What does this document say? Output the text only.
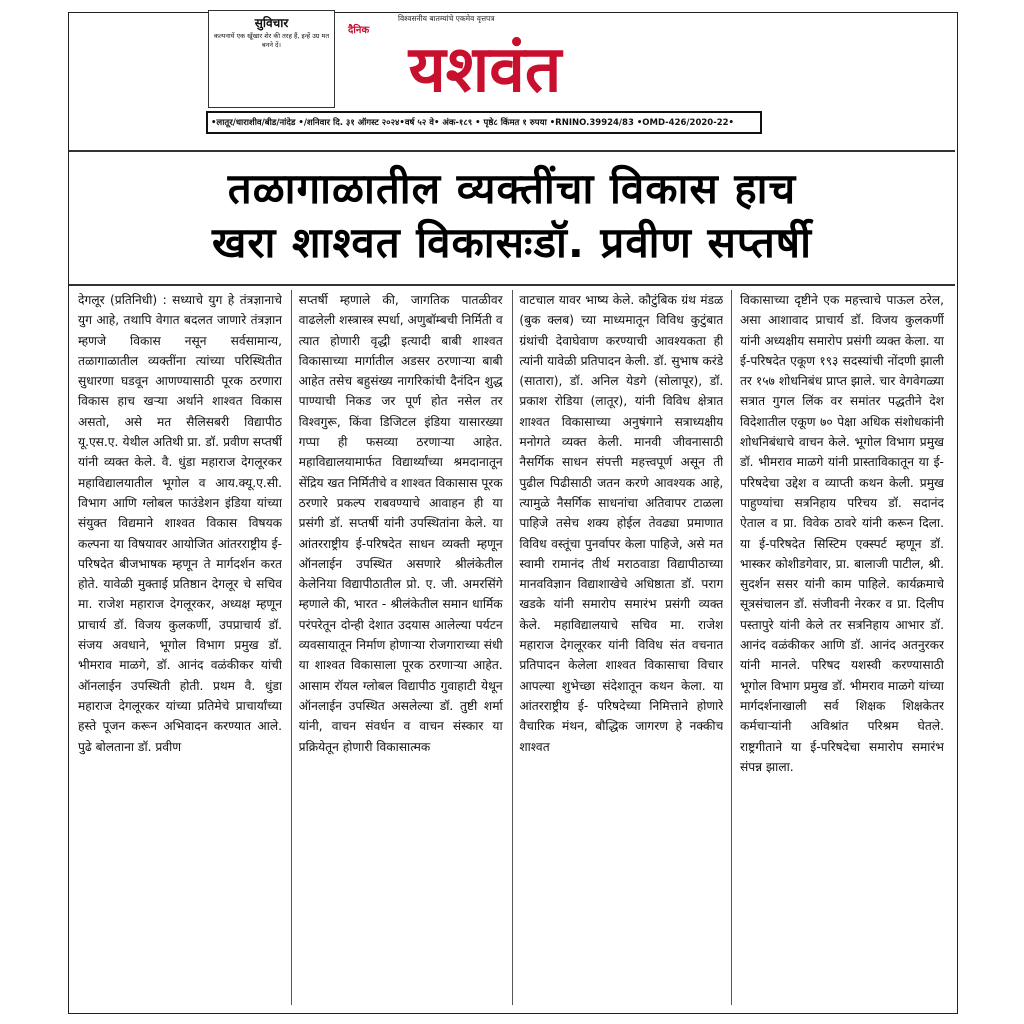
सुविचार
कल्पनायें एक खूँखार शेर की तरह हैं, इन्हें उग्र मत बनने दें।
दैनिक
विश्वसनीय बातम्यांचे एकमेव वृत्तपत्र
यशवंत
•लातूर/धाराशीव/बीड/नांदेड •/शनिवार दि. ३१ ऑगस्ट २०२४•वर्ष ५२ वे• अंक-१८९ • पृष्ठे८ किंमत १ रुपया •RNINO.39924/83 •OMD-426/2020-22•
तळागाळातील व्यक्तींचा विकास हाच
खरा शाश्वत विकासःडॉ. प्रवीण सप्तर्षी

देगलूर (प्रतिनिधी) : सध्याचे युग हे तंत्रज्ञानाचे युग आहे, तथापि वेगात बदलत जाणारे तंत्रज्ञान म्हणजे विकास नसून सर्वसामान्य, तळागाळातील व्यक्तींना त्यांच्या परिस्थितीत सुधारणा घडवून आणण्यासाठी पूरक ठरणारा विकास हाच खऱ्या अर्थाने शाश्वत विकास असतो, असे मत सैलिसबरी विद्यापीठ यू.एस.ए. येथील अतिथी प्रा. डॉ. प्रवीण सप्तर्षी यांनी व्यक्त केले. वै. धुंडा महाराज देगलूरकर महाविद्यालयातील भूगोल व आय.क्यू.ए.सी. विभाग आणि ग्लोबल फाउंडेशन इंडिया यांच्या संयुक्त विद्यमाने शाश्वत विकास विषयक कल्पना या विषयावर आयोजित आंतरराष्ट्रीय ई-परिषदेत बीजभाषक म्हणून ते मार्गदर्शन करत होते. यावेळी मुक्ताई प्रतिष्ठान देगलूर चे सचिव मा. राजेश महाराज देगलूरकर, अध्यक्ष म्हणून प्राचार्य डॉ. विजय कुलकर्णी, उपप्राचार्य डॉ. संजय अवधाने, भूगोल विभाग प्रमुख डॉ. भीमराव माळगे, डॉ. आनंद वळंकीकर यांची ऑनलाईन उपस्थिती होती. प्रथम वै. धुंडा महाराज देगलूरकर यांच्या प्रतिमेचे प्राचार्यांच्या हस्ते पूजन करून अभिवादन करण्यात आले. पुढे बोलताना डॉ. प्रवीण

सप्तर्षी म्हणाले की, जागतिक पातळीवर वाढलेली शस्त्रास्त्र स्पर्धा, अणुबॉम्बची निर्मिती व त्यात होणारी वृद्धी इत्यादी बाबी शाश्वत विकासाच्या मार्गातील अडसर ठरणाऱ्या बाबी आहेत तसेच बहुसंख्य नागरिकांची दैनंदिन शुद्ध पाण्याची निकड जर पूर्ण होत नसेल तर विश्वगुरू, किंवा डिजिटल इंडिया यासारख्या गप्पा ही फसव्या ठरणाऱ्या आहेत. महाविद्यालयामार्फत विद्यार्थ्यांच्या श्रमदानातून सेंद्रिय खत निर्मितीचे व शाश्वत विकासास पूरक ठरणारे प्रकल्प राबवण्याचे आवाहन ही या प्रसंगी डॉ. सप्तर्षी यांनी उपस्थितांना केले. या आंतरराष्ट्रीय ई-परिषदेत साधन व्यक्ती म्हणून ऑनलाईन उपस्थित असणारे श्रीलंकेतील केलेनिया विद्यापीठातील प्रो. ए. जी. अमरसिंगे म्हणाले की, भारत - श्रीलंकेतील समान धार्मिक परंपरेतून दोन्ही देशात उदयास आलेल्या पर्यटन व्यवसायातून निर्माण होणाऱ्या रोजगाराच्या संधी या शाश्वत विकासाला पूरक ठरणाऱ्या आहेत. आसाम रॉयल ग्लोबल विद्यापीठ गुवाहाटी येथून ऑनलाईन उपस्थित असलेल्या डॉ. तुष्टी शर्मा यांनी, वाचन संवर्धन व वाचन संस्कार या प्रक्रियेतून होणारी विकासात्मक

वाटचाल यावर भाष्य केले. कौटुंबिक ग्रंथ मंडळ (बुक क्लब) च्या माध्यमातून विविध कुटुंबात ग्रंथांची देवाघेवाण करण्याची आवश्यकता ही त्यांनी यावेळी प्रतिपादन केली. डॉ. सुभाष करंडे (सातारा), डॉ. अनिल येडगे (सोलापूर), डॉ. प्रकाश रोडिया (लातूर), यांनी विविध क्षेत्रात शाश्वत विकासाच्या अनुषंगाने सत्राध्यक्षीय मनोगते व्यक्त केली. मानवी जीवनासाठी नैसर्गिक साधन संपत्ती महत्त्वपूर्ण असून ती पुढील पिढीसाठी जतन करणे आवश्यक आहे, त्यामुळे नैसर्गिक साधनांचा अतिवापर टाळला पाहिजे तसेच शक्य होईल तेवढ्या प्रमाणात विविध वस्तूंचा पुनर्वापर केला पाहिजे, असे मत स्वामी रामानंद तीर्थ मराठवाडा विद्यापीठाच्या मानवविज्ञान विद्याशाखेचे अधिष्ठाता डॉ. पराग खडके यांनी समारोप समारंभ प्रसंगी व्यक्त केले. महाविद्यालयाचे सचिव मा. राजेश महाराज देगलूरकर यांनी विविध संत वचनात प्रतिपादन केलेला शाश्वत विकासाचा विचार आपल्या शुभेच्छा संदेशातून कथन केला. या आंतरराष्ट्रीय ई- परिषदेच्या निमित्ताने होणारे वैचारिक मंथन, बौद्धिक जागरण हे नक्कीच शाश्वत

विकासाच्या दृष्टीने एक महत्त्वाचे पाऊल ठरेल, असा आशावाद प्राचार्य डॉ. विजय कुलकर्णी यांनी अध्यक्षीय समारोप प्रसंगी व्यक्त केला. या ई-परिषदेत एकूण १९३ सदस्यांची नोंदणी झाली तर १५७ शोधनिबंध प्राप्त झाले. चार वेगवेगळ्या सत्रात गुगल लिंक वर समांतर पद्धतीने देश विदेशातील एकूण ७० पेक्षा अधिक संशोधकांनी शोधनिबंधाचे वाचन केले. भूगोल विभाग प्रमुख डॉ. भीमराव माळगे यांनी प्रास्ताविकातून या ई-परिषदेचा उद्देश व व्याप्ती कथन केली. प्रमुख पाहुण्यांचा सत्रनिहाय परिचय डॉ. सदानंद ऐताल व प्रा. विवेक ठावरे यांनी करून दिला. या ई-परिषदेत सिस्टिम एक्स्पर्ट म्हणून डॉ. भास्कर कोशीडगेवार, प्रा. बालाजी पाटील, श्री. सुदर्शन ससर यांनी काम पाहिले. कार्यक्रमाचे सूत्रसंचालन डॉ. संजीवनी नेरकर व प्रा. दिलीप पस्तापुरे यांनी केले तर सत्रनिहाय आभार डॉ. आनंद वळंकीकर आणि डॉ. आनंद अतनुरकर यांनी मानले. परिषद यशस्वी करण्यासाठी भूगोल विभाग प्रमुख डॉ. भीमराव माळगे यांच्या मार्गदर्शनाखाली सर्व शिक्षक शिक्षकेतर कर्मचाऱ्यांनी अविश्रांत परिश्रम घेतले. राष्ट्रगीताने या ई-परिषदेचा समारोप समारंभ संपन्न झाला.
